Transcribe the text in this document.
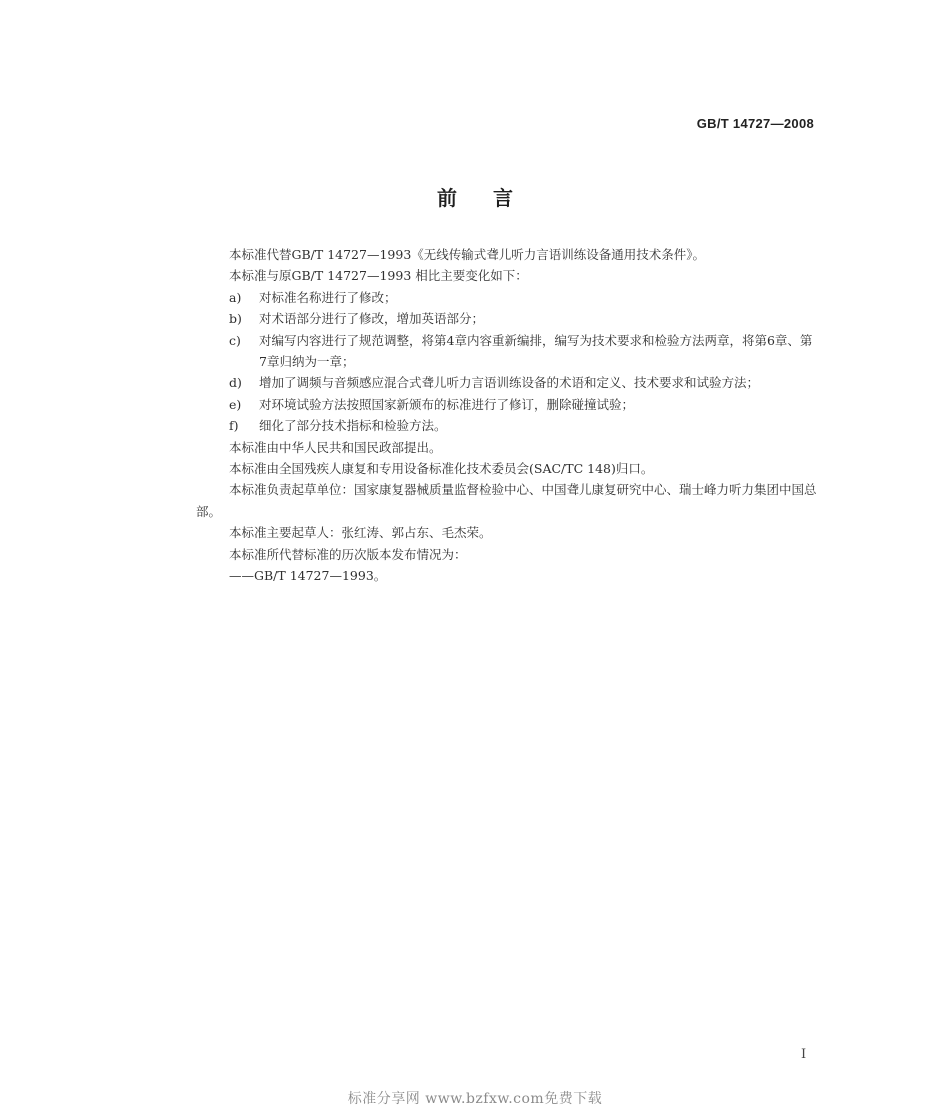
GB/T 14727—2008
前言

本标准代替GB/T 14727—1993《无线传输式聋儿听力言语训练设备通用技术条件》。

本标准与原GB/T 14727—1993 相比主要变化如下：

a)	对标准名称进行了修改；
b)	对术语部分进行了修改，增加英语部分；
c)	对编写内容进行了规范调整，将第4章内容重新编排，编写为技术要求和检验方法两章，将第6章、第7章归纳为一章；
d)	增加了调频与音频感应混合式聋儿听力言语训练设备的术语和定义、技术要求和试验方法；
e)	对环境试验方法按照国家新颁布的标准进行了修订，删除碰撞试验；
f)	细化了部分技术指标和检验方法。

本标准由中华人民共和国民政部提出。

本标准由全国残疾人康复和专用设备标准化技术委员会(SAC/TC 148)归口。

本标准负责起草单位：国家康复器械质量监督检验中心、中国聋儿康复研究中心、瑞士峰力听力集团中国总部。

本标准主要起草人：张红涛、郭占东、毛杰荣。

本标准所代替标准的历次版本发布情况为：

——GB/T 14727—1993。

I
标准分享网 www.bzfxw.com免费下载
